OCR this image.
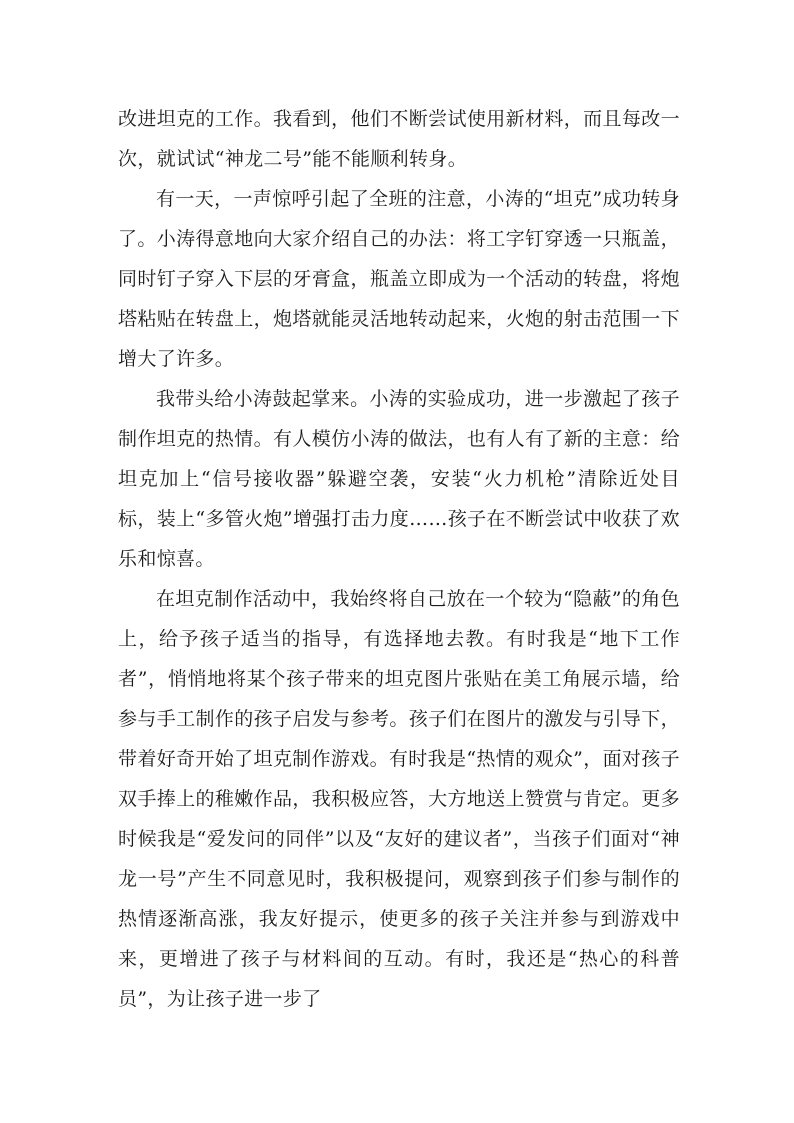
改进坦克的工作。我看到，他们不断尝试使用新材料，而且每改一次，就试试“神龙二号”能不能顺利转身。

有一天，一声惊呼引起了全班的注意，小涛的“坦克”成功转身了。小涛得意地向大家介绍自己的办法：将工字钉穿透一只瓶盖，同时钉子穿入下层的牙膏盒，瓶盖立即成为一个活动的转盘，将炮塔粘贴在转盘上，炮塔就能灵活地转动起来，火炮的射击范围一下增大了许多。

我带头给小涛鼓起掌来。小涛的实验成功，进一步激起了孩子制作坦克的热情。有人模仿小涛的做法，也有人有了新的主意：给坦克加上“信号接收器”躲避空袭，安装“火力机枪”清除近处目标，装上“多管火炮”增强打击力度……孩子在不断尝试中收获了欢乐和惊喜。

在坦克制作活动中，我始终将自己放在一个较为“隐蔽”的角色上，给予孩子适当的指导，有选择地去教。有时我是“地下工作者”，悄悄地将某个孩子带来的坦克图片张贴在美工角展示墙，给参与手工制作的孩子启发与参考。孩子们在图片的激发与引导下，带着好奇开始了坦克制作游戏。有时我是“热情的观众”，面对孩子双手捧上的稚嫩作品，我积极应答，大方地送上赞赏与肯定。更多时候我是“爱发问的同伴”以及“友好的建议者”，当孩子们面对“神龙一号”产生不同意见时，我积极提问，观察到孩子们参与制作的热情逐渐高涨，我友好提示，使更多的孩子关注并参与到游戏中来，更增进了孩子与材料间的互动。有时，我还是“热心的科普员”，为让孩子进一步了
